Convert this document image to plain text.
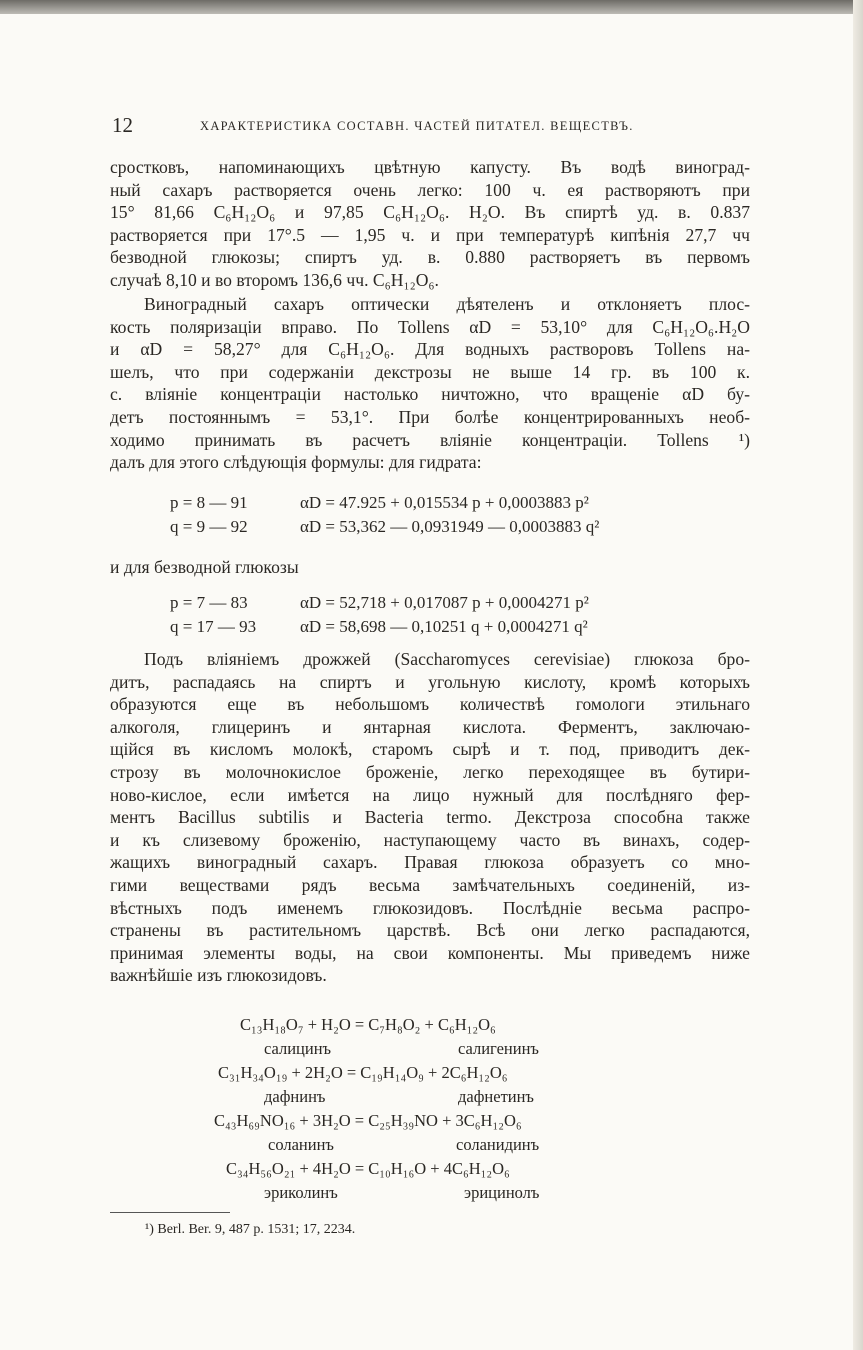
12	ХАРАКТЕРИСТИКА СОСТАВН. ЧАСТЕЙ ПИТАТЕЛ. ВЕЩЕСТВЪ.
сростковъ, напоминающихъ цвѣтную капусту. Въ водѣ виноград-
ный сахаръ растворяется очень легко: 100 ч. ея растворяютъ при
15° 81,66 C₆H₁₂O₆ и 97,85 C₆H₁₂O₆. H₂O. Въ спиртѣ уд. в. 0.837
растворяется при 17°.5 — 1,95 ч. и при температурѣ кипѣнія 27,7 чч
безводной глюкозы; спиртъ уд. в. 0.880 растворяетъ въ первомъ
случаѣ 8,10 и во второмъ 136,6 чч. C₆H₁₂O₆.
Виноградный сахаръ оптически дѣятеленъ и отклоняетъ плос-
кость поляризаціи вправо. По Tollens αD = 53,10° для C₆H₁₂O₆.H₂O
и αD = 58,27° для C₆H₁₂O₆. Для водныхъ растворовъ Tollens на-
шелъ, что при содержаніи декстрозы не выше 14 гр. въ 100 к.
с. вліяніе концентраціи настолько ничтожно, что вращеніе αD бу-
детъ постояннымъ = 53,1°. При болѣе концентрированныхъ необ-
ходимо принимать въ расчетъ вліяніе концентраціи. Tollens ¹)
далъ для этого слѣдующія формулы: для гидрата:
p = 8 — 91	αD = 47.925 + 0,015534 p + 0,0003883 p²
q = 9 — 92	αD = 53,362 — 0,0931949 — 0,0003883 q²
и для безводной глюкозы
p = 7 — 83	αD = 52,718 + 0,017087 p + 0,0004271 p²
q = 17 — 93	αD = 58,698 — 0,10251 q + 0,0004271 q²
Подъ вліяніемъ дрожжей (Saccharomyces cerevisiae) глюкоза бро-
дитъ, распадаясь на спиртъ и угольную кислоту, кромѣ которыхъ
образуются еще въ небольшомъ количествѣ гомологи этильнаго
алкоголя, глицеринъ и янтарная кислота. Ферментъ, заключаю-
щійся въ кисломъ молокѣ, старомъ сырѣ и т. под, приводитъ дек-
строзу въ молочнокислое броженіе, легко переходящее въ бутири-
ново-кислое, если имѣется на лицо нужный для послѣдняго фер-
ментъ Bacillus subtilis и Bacteria termo. Декстроза способна также
и къ слизевому броженію, наступающему часто въ винахъ, содер-
жащихъ виноградный сахаръ. Правая глюкоза образуетъ со мно-
гими веществами рядъ весьма замѣчательныхъ соединеній, из-
вѣстныхъ подъ именемъ глюкозидовъ. Послѣдніе весьма распро-
странены въ растительномъ царствѣ. Всѣ они легко распадаются,
принимая элементы воды, на свои компоненты. Мы приведемъ ниже
важнѣйшіе изъ глюкозидовъ.
C₁₃H₁₈O₇ + H₂O = C₇H₈O₂ + C₆H₁₂O₆
салицинъ	салигенинъ
C₃₁H₃₄O₁₉ + 2H₂O = C₁₉H₁₄O₉ + 2C₆H₁₂O₆
дафнинъ	дафнетинъ
C₄₃H₆₉NO₁₆ + 3H₂O = C₂₅H₃₉NO + 3C₆H₁₂O₆
соланинъ	соланидинъ
C₃₄H₅₆O₂₁ + 4H₂O = C₁₀H₁₆O + 4C₆H₁₂O₆
эриколинъ	эрицинолъ
¹) Berl. Ber. 9, 487 p. 1531; 17, 2234.
